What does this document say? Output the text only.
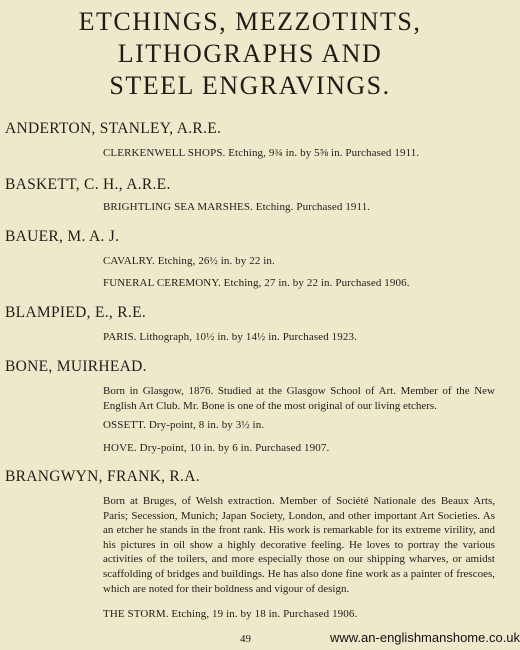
ETCHINGS, MEZZOTINTS,
LITHOGRAPHS AND
STEEL ENGRAVINGS.
ANDERTON, STANLEY, A.R.E.
CLERKENWELL SHOPS. Etching, 9¾ in. by 5⅝ in. Purchased 1911.
BASKETT, C. H., A.R.E.
BRIGHTLING SEA MARSHES. Etching. Purchased 1911.
BAUER, M. A. J.
CAVALRY. Etching, 26½ in. by 22 in.
FUNERAL CEREMONY. Etching, 27 in. by 22 in. Purchased 1906.
BLAMPIED, E., R.E.
PARIS. Lithograph, 10½ in. by 14½ in. Purchased 1923.
BONE, MUIRHEAD.

Born in Glasgow, 1876. Studied at the Glasgow School of Art. Member of the New English Art Club. Mr. Bone is one of the most original of our living etchers.

OSSETT. Dry-point, 8 in. by 3½ in.
HOVE. Dry-point, 10 in. by 6 in. Purchased 1907.
BRANGWYN, FRANK, R.A.

Born at Bruges, of Welsh extraction. Member of Société Nationale des Beaux Arts, Paris; Secession, Munich; Japan Society, London, and other important Art Societies. As an etcher he stands in the front rank. His work is remarkable for its extreme virility, and his pictures in oil show a highly decorative feeling. He loves to portray the various activities of the toilers, and more especially those on our shipping wharves, or amidst scaffolding of bridges and buildings. He has also done fine work as a painter of frescoes, which are noted for their boldness and vigour of design.

THE STORM. Etching, 19 in. by 18 in. Purchased 1906.
49	www.an-englishmanshome.co.uk
